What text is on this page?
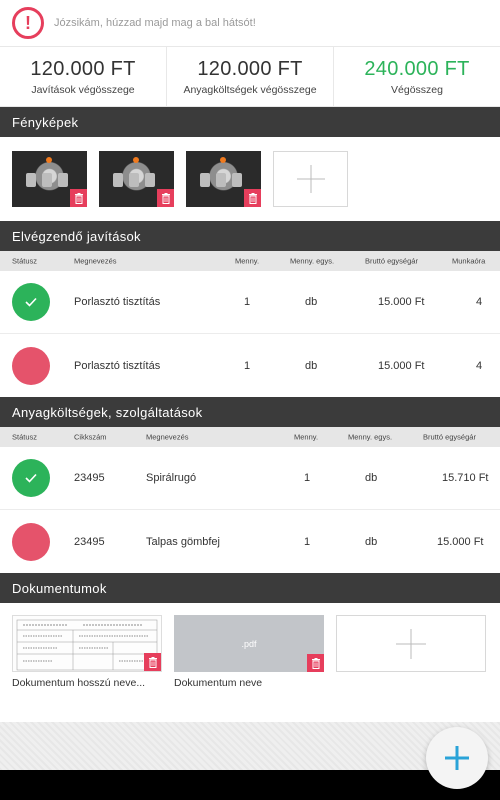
! Józsikám, húzzad majd mag a bal hátsót!
120.000 FT
Javítások végösszege
120.000 FT
Anyagköltségek végösszege
240.000 FT
Végösszeg
Fényképek
Elvégzendő javítások
Státusz	Megnevezés	Menny.	Menny. egys.	Bruttó egységár	Munkaóra
Porlasztó tisztítás	1	db	15.000 Ft	4
Porlasztó tisztítás	1	db	15.000 Ft	4
Anyagköltségek, szolgáltatások
Státusz	Cikkszám	Megnevezés	Menny.	Menny. egys.	Bruttó egységár
23495	Spirálrugó	1	db	15.710 Ft
23495	Talpas gömbfej	1	db	15.000 Ft
Dokumentumok
Dokumentum hosszú neve...
.pdf
Dokumentum neve
